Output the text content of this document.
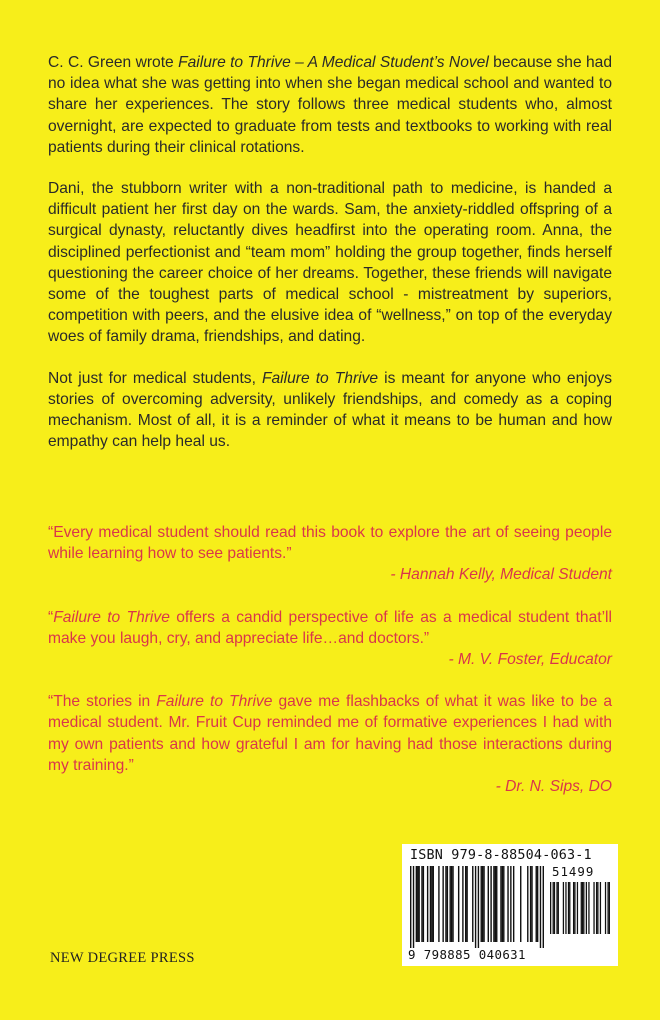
C. C. Green wrote Failure to Thrive – A Medical Student’s Novel because she had no idea what she was getting into when she began medical school and wanted to share her experiences. The story follows three medical students who, almost overnight, are expected to graduate from tests and textbooks to working with real patients during their clinical rotations.

Dani, the stubborn writer with a non-traditional path to medicine, is handed a difficult patient her first day on the wards. Sam, the anxiety-riddled offspring of a surgical dynasty, reluctantly dives headfirst into the operating room. Anna, the disciplined perfectionist and “team mom” holding the group together, finds herself questioning the career choice of her dreams. Together, these friends will navigate some of the toughest parts of medical school - mistreatment by superiors, competition with peers, and the elusive idea of “wellness,” on top of the everyday woes of family drama, friendships, and dating.

Not just for medical students, Failure to Thrive is meant for anyone who enjoys stories of overcoming adversity, unlikely friendships, and comedy as a coping mechanism. Most of all, it is a reminder of what it means to be human and how empathy can help heal us.

“Every medical student should read this book to explore the art of seeing people while learning how to see patients.”
- Hannah Kelly, Medical Student
“Failure to Thrive offers a candid perspective of life as a medical student that’ll make you laugh, cry, and appreciate life…and doctors.”
- M. V. Foster, Educator
“The stories in Failure to Thrive gave me flashbacks of what it was like to be a medical student. Mr. Fruit Cup reminded me of formative experiences I had with my own patients and how grateful I am for having had those interactions during my training.”
- Dr. N. Sips, DO
NEW DEGREE PRESS
ISBN 979-8-88504-063-1
51499
9 798885 040631
